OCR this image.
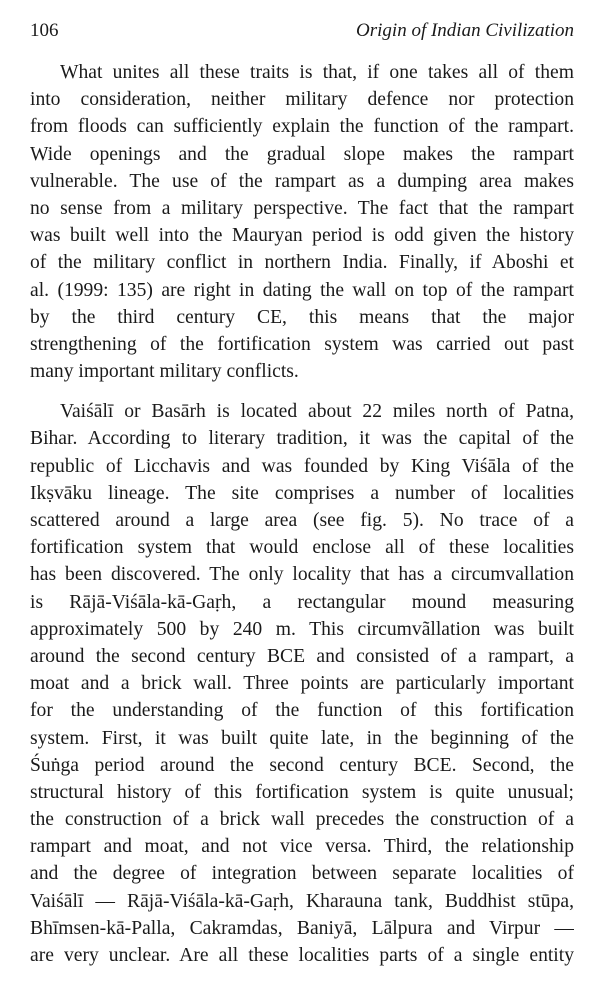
106	Origin of Indian Civilization
What unites all these traits is that, if one takes all of them
into consideration, neither military defence nor protection
from floods can sufficiently explain the function of the rampart.
Wide openings and the gradual slope makes the rampart
vulnerable. The use of the rampart as a dumping area makes
no sense from a military perspective. The fact that the rampart
was built well into the Mauryan period is odd given the history
of the military conflict in northern India. Finally, if Aboshi et
al. (1999: 135) are right in dating the wall on top of the rampart
by the third century CE, this means that the major
strengthening of the fortification system was carried out past
many important military conflicts.
Vaiśālī or Basārh is located about 22 miles north of Patna,
Bihar. According to literary tradition, it was the capital of the
republic of Licchavis and was founded by King Viśāla of the
Ikṣvāku lineage. The site comprises a number of localities
scattered around a large area (see fig. 5). No trace of a
fortification system that would enclose all of these localities
has been discovered. The only locality that has a circumvallation
is Rājā-Viśāla-kā-Gaṛh, a rectangular mound measuring
approximately 500 by 240 m. This circumvãllation was built
around the second century BCE and consisted of a rampart, a
moat and a brick wall. Three points are particularly important
for the understanding of the function of this fortification
system. First, it was built quite late, in the beginning of the
Śuṅga period around the second century BCE. Second, the
structural history of this fortification system is quite unusual;
the construction of a brick wall precedes the construction of a
rampart and moat, and not vice versa. Third, the relationship
and the degree of integration between separate localities of
Vaiśālī — Rājā-Viśāla-kā-Gaṛh, Kharauna tank, Buddhist stūpa,
Bhīmsen-kā-Palla, Cakramdas, Baniyā, Lālpura and Virpur —
are very unclear. Are all these localities parts of a single entity
